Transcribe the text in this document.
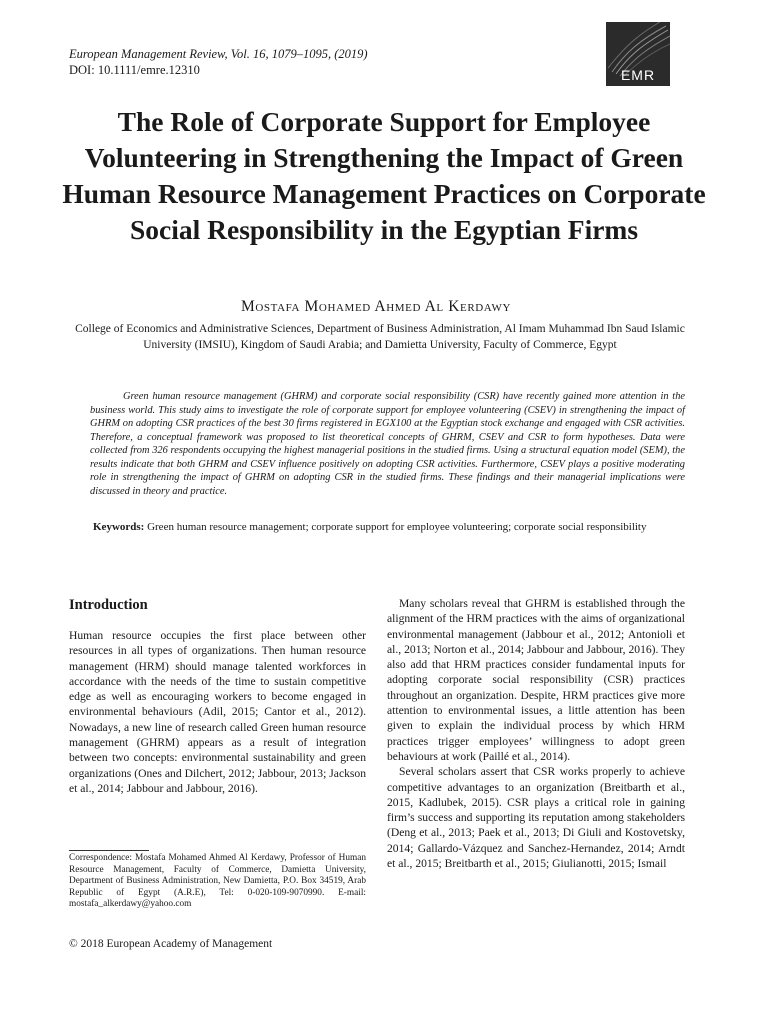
European Management Review, Vol. 16, 1079–1095, (2019)
DOI: 10.1111/emre.12310	EMR
The Role of Corporate Support for Employee Volunteering in Strengthening the Impact of Green Human Resource Management Practices on Corporate Social Responsibility in the Egyptian Firms
Mostafa Mohamed Ahmed Al Kerdawy
College of Economics and Administrative Sciences, Department of Business Administration, Al Imam Muhammad Ibn Saud Islamic University (IMSIU), Kingdom of Saudi Arabia; and Damietta University, Faculty of Commerce, Egypt

Green human resource management (GHRM) and corporate social responsibility (CSR) have recently gained more attention in the business world. This study aims to investigate the role of corporate support for employee volunteering (CSEV) in strengthening the impact of GHRM on adopting CSR practices of the best 30 firms registered in EGX100 at the Egyptian stock exchange and engaged with CSR activities. Therefore, a conceptual framework was proposed to list theoretical concepts of GHRM, CSEV and CSR to form hypotheses. Data were collected from 326 respondents occupying the highest managerial positions in the studied firms. Using a structural equation model (SEM), the results indicate that both GHRM and CSEV influence positively on adopting CSR activities. Furthermore, CSEV plays a positive moderating role in strengthening the impact of GHRM on adopting CSR in the studied firms. These findings and their managerial implications were discussed in theory and practice.

Keywords: Green human resource management; corporate support for employee volunteering; corporate social responsibility

Introduction

Human resource occupies the first place between other resources in all types of organizations. Then human resource management (HRM) should manage talented workforces in accordance with the needs of the time to sustain competitive edge as well as encouraging workers to become engaged in environmental behaviours (Adil, 2015; Cantor et al., 2012). Nowadays, a new line of research called Green human resource management (GHRM) appears as a result of integration between two concepts: environmental sustainability and green organizations (Ones and Dilchert, 2012; Jabbour, 2013; Jackson et al., 2014; Jabbour and Jabbour, 2016).

Many scholars reveal that GHRM is established through the alignment of the HRM practices with the aims of organizational environmental management (Jabbour et al., 2012; Antonioli et al., 2013; Norton et al., 2014; Jabbour and Jabbour, 2016). They also add that HRM practices consider fundamental inputs for adopting corporate social responsibility (CSR) practices throughout an organization. Despite, HRM practices give more attention to environmental issues, a little attention has been given to explain the individual process by which HRM practices trigger employees’ willingness to adopt green behaviours at work (Paillé et al., 2014).

Several scholars assert that CSR works properly to achieve competitive advantages to an organization (Breitbarth et al., 2015, Kadlubek, 2015). CSR plays a critical role in gaining firm’s success and supporting its reputation among stakeholders (Deng et al., 2013; Paek et al., 2013; Di Giuli and Kostovetsky, 2014; Gallardo-Vázquez and Sanchez-Hernandez, 2014; Arndt et al., 2015; Breitbarth et al., 2015; Giulianotti, 2015; Ismail

Correspondence: Mostafa Mohamed Ahmed Al Kerdawy, Professor of Human Resource Management, Faculty of Commerce, Damietta University, Department of Business Administration, New Damietta, P.O. Box 34519, Arab Republic of Egypt (A.R.E), Tel: 0-020-109-9070990. E-mail: mostafa_alkerdawy@yahoo.com

© 2018 European Academy of Management
